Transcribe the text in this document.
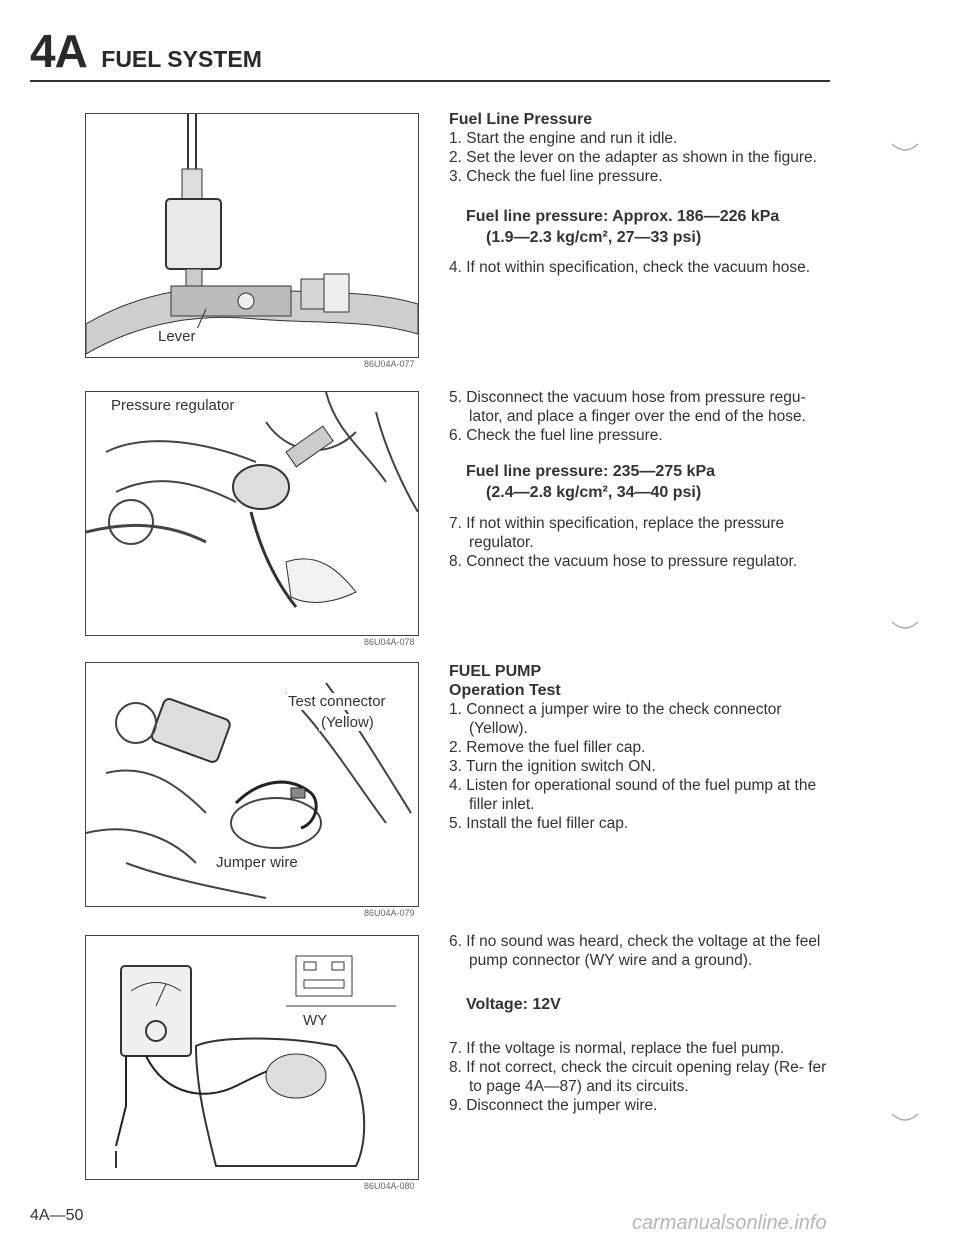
4A FUEL SYSTEM
Lever
86U04A-077
Pressure regulator
86U04A-078
Test connector
(Yellow)
Jumper wire
86U04A-079
WY
86U04A-080
Fuel Line Pressure
1. Start the engine and run it idle.
2. Set the lever on the adapter as shown in the figure.
3. Check the fuel line pressure.
Fuel line pressure: Approx. 186—226 kPa
(1.9—2.3 kg/cm², 27—33 psi)
4. If not within specification, check the vacuum hose.
5. Disconnect the vacuum hose from pressure regu- lator, and place a finger over the end of the hose.
6. Check the fuel line pressure.
Fuel line pressure: 235—275 kPa
(2.4—2.8 kg/cm², 34—40 psi)
7. If not within specification, replace the pressure regulator.
8. Connect the vacuum hose to pressure regulator.
FUEL PUMP
Operation Test
1. Connect a jumper wire to the check connector (Yellow).
2. Remove the fuel filler cap.
3. Turn the ignition switch ON.
4. Listen for operational sound of the fuel pump at the filler inlet.
5. Install the fuel filler cap.
6. If no sound was heard, check the voltage at the feel pump connector (WY wire and a ground).
Voltage: 12V
7. If the voltage is normal, replace the fuel pump.
8. If not correct, check the circuit opening relay (Re- fer to page 4A—87) and its circuits.
9. Disconnect the jumper wire.
4A—50	carmanualsonline.info
